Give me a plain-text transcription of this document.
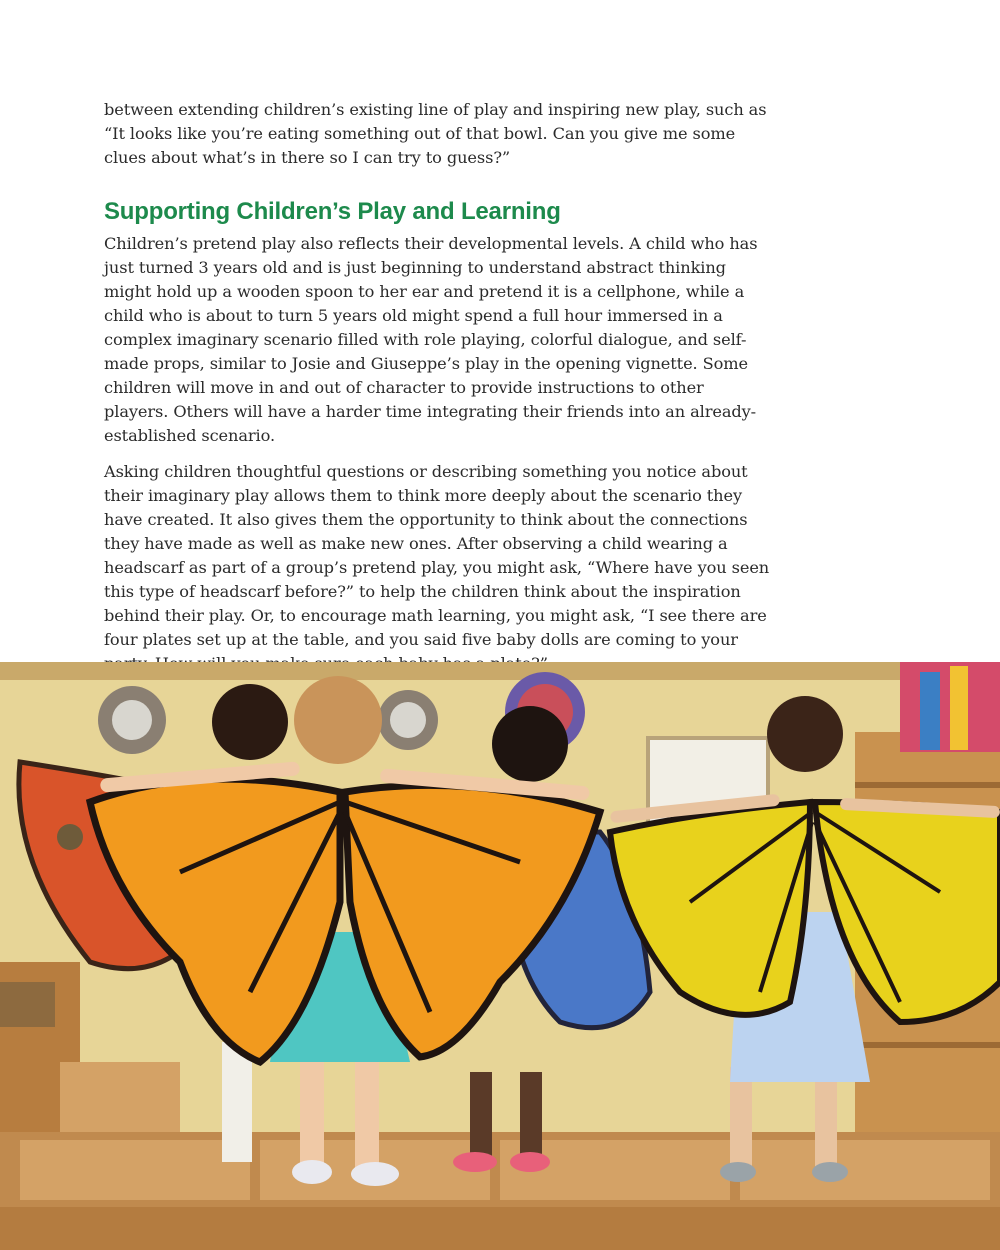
between extending children’s existing line of play and inspiring new play, such as “It looks like you’re eating something out of that bowl. Can you give me some clues about what’s in there so I can try to guess?”

Supporting Children’s Play and Learning

Children’s pretend play also reflects their developmental levels. A child who has just turned 3 years old and is just beginning to understand abstract thinking might hold up a wooden spoon to her ear and pretend it is a cellphone, while a child who is about to turn 5 years old might spend a full hour immersed in a complex imaginary scenario filled with role playing, colorful dialogue, and self-made props, similar to Josie and Giuseppe’s play in the opening vignette. Some children will move in and out of character to provide instructions to other players. Others will have a harder time integrating their friends into an already-established scenario.

Asking children thoughtful questions or describing something you notice about their imaginary play allows them to think more deeply about the scenario they have created. It also gives them the opportunity to think about the connections they have made as well as make new ones. After observing a child wearing a headscarf as part of a group’s pretend play, you might ask, “Where have you seen this type of headscarf before?” to help the children think about the inspiration behind their play. Or, to encourage math learning, you might ask, “I see there are four plates set up at the table, and you said five baby dolls are coming to your
